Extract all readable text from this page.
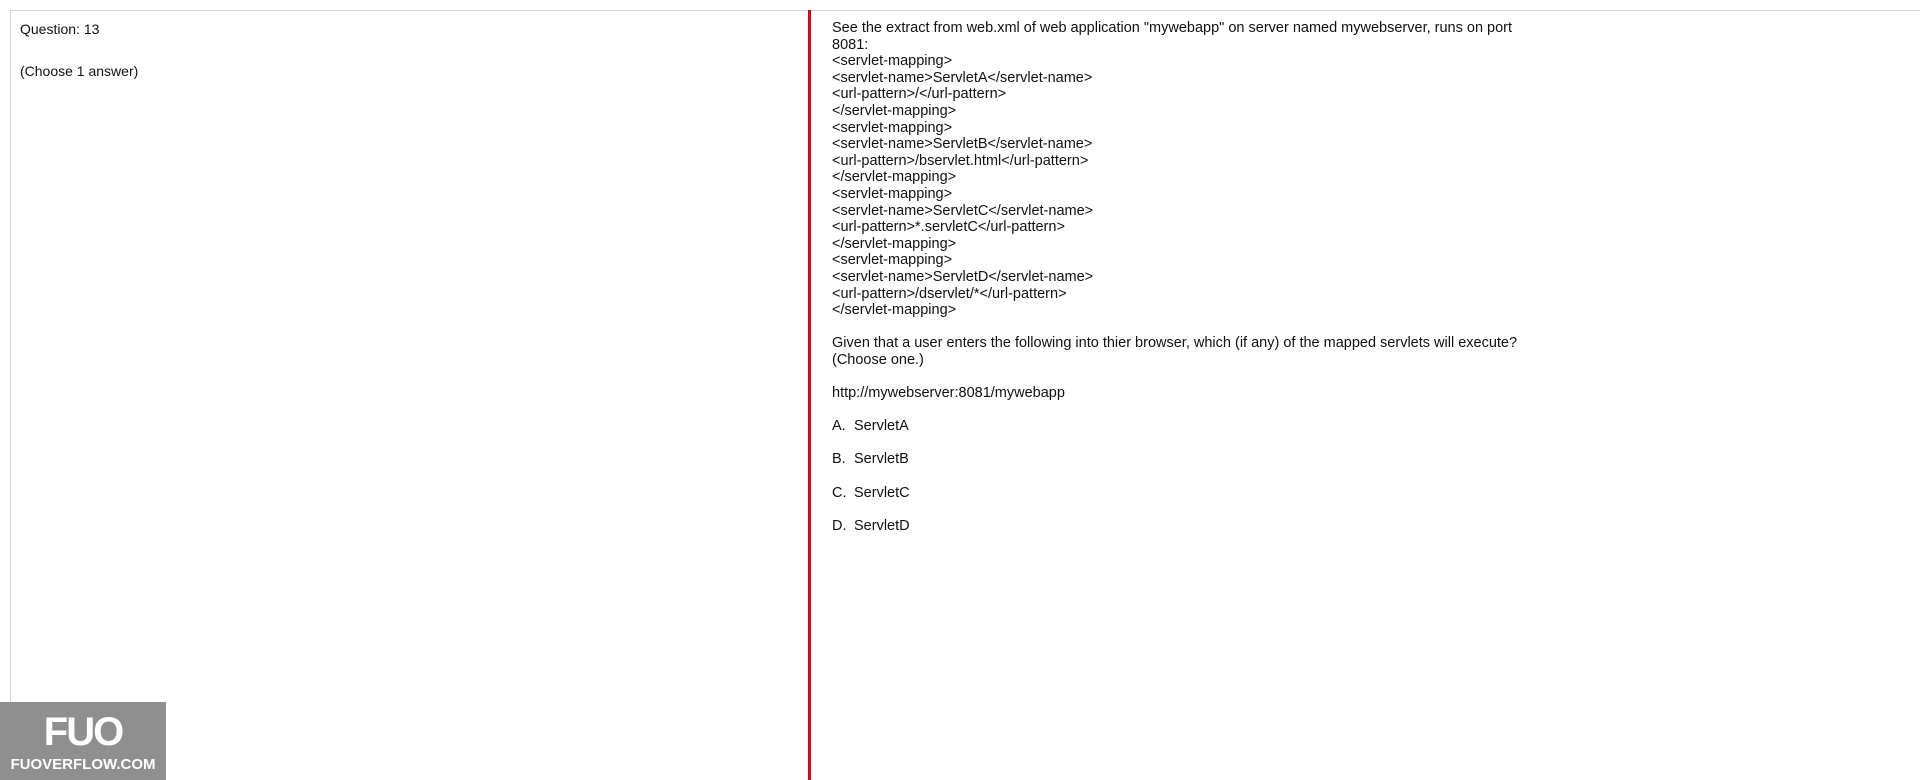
Question: 13

(Choose 1 answer)

See the extract from web.xml of web application "mywebapp" on server named mywebserver, runs on port
8081:
<servlet-mapping>
<servlet-name>ServletA</servlet-name>
<url-pattern>/</url-pattern>
</servlet-mapping>
<servlet-mapping>
<servlet-name>ServletB</servlet-name>
<url-pattern>/bservlet.html</url-pattern>
</servlet-mapping>
<servlet-mapping>
<servlet-name>ServletC</servlet-name>
<url-pattern>*.servletC</url-pattern>
</servlet-mapping>
<servlet-mapping>
<servlet-name>ServletD</servlet-name>
<url-pattern>/dservlet/*</url-pattern>
</servlet-mapping>
Given that a user enters the following into thier browser, which (if any) of the mapped servlets will execute?
(Choose one.)
http://mywebserver:8081/mywebapp
A. ServletA
B. ServletB
C. ServletC
D. ServletD
FUO
FUOVERFLOW.COM
